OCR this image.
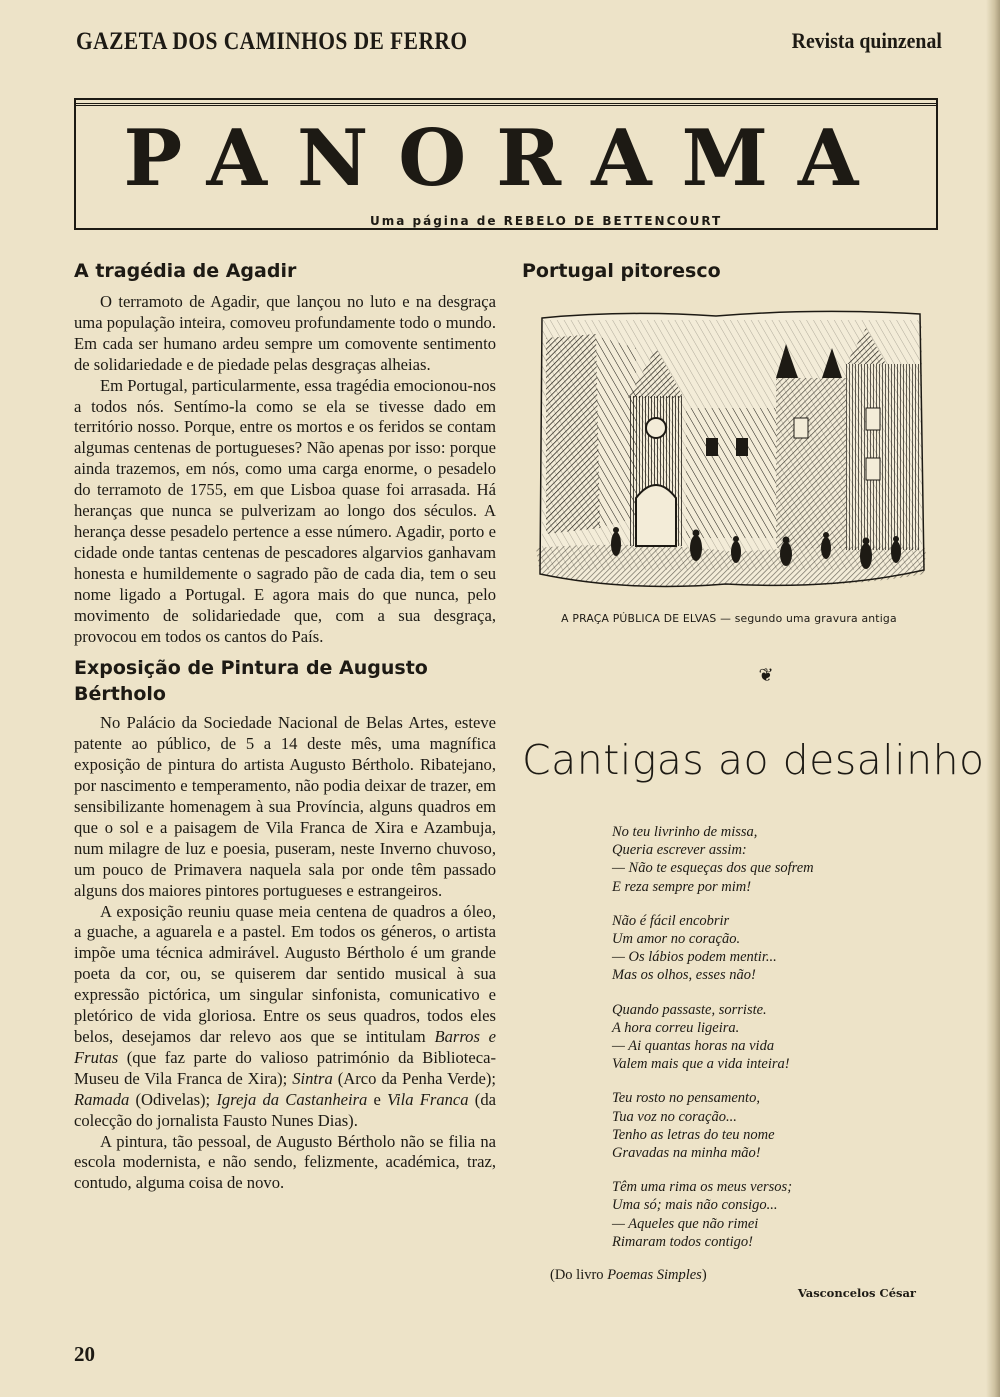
GAZETA DOS CAMINHOS DE FERRO	Revista quinzenal
PANORAMA
Uma página de REBELO DE BETTENCOURT
A tragédia de Agadir

O terramoto de Agadir, que lançou no luto e na desgraça uma população inteira, comoveu profundamente todo o mundo. Em cada ser humano ardeu sempre um comovente sentimento de solidariedade e de piedade pelas desgraças alheias.

Em Portugal, particularmente, essa tragédia emocionou-nos a todos nós. Sentímo-la como se ela se tivesse dado em território nosso. Porque, entre os mortos e os feridos se contam algumas centenas de portugueses? Não apenas por isso: porque ainda trazemos, em nós, como uma carga enorme, o pesadelo do terramoto de 1755, em que Lisboa quase foi arrasada. Há heranças que nunca se pulverizam ao longo dos séculos. A herança desse pesadelo pertence a esse número. Agadir, porto e cidade onde tantas centenas de pescadores algarvios ganhavam honesta e humildemente o sagrado pão de cada dia, tem o seu nome ligado a Portugal. E agora mais do que nunca, pelo movimento de solidariedade que, com a sua desgraça, provocou em todos os cantos do País.

Exposição de Pintura de Augusto Bértholo

No Palácio da Sociedade Nacional de Belas Artes, esteve patente ao público, de 5 a 14 deste mês, uma magnífica exposição de pintura do artista Augusto Bértholo. Ribatejano, por nascimento e temperamento, não podia deixar de trazer, em sensibilizante homenagem à sua Província, alguns quadros em que o sol e a paisagem de Vila Franca de Xira e Azambuja, num milagre de luz e poesia, puseram, neste Inverno chuvoso, um pouco de Primavera naquela sala por onde têm passado alguns dos maiores pintores portugueses e estrangeiros.

A exposição reuniu quase meia centena de quadros a óleo, a guache, a aguarela e a pastel. Em todos os géneros, o artista impõe uma técnica admirável. Augusto Bértholo é um grande poeta da cor, ou, se quiserem dar sentido musical à sua expressão pictórica, um singular sinfonista, comunicativo e pletórico de vida gloriosa. Entre os seus quadros, todos eles belos, desejamos dar relevo aos que se intitulam Barros e Frutas (que faz parte do valioso património da Biblioteca-Museu de Vila Franca de Xira); Sintra (Arco da Penha Verde); Ramada (Odivelas); Igreja da Castanheira e Vila Franca (da colecção do jornalista Fausto Nunes Dias).

A pintura, tão pessoal, de Augusto Bértholo não se filia na escola modernista, e não sendo, felizmente, académica, traz, contudo, alguma coisa de novo.

Portugal pitoresco
A PRAÇA PÚBLICA DE ELVAS — segundo uma gravura antiga
❦
Cantigas ao desalinho
No teu livrinho de missa,
Queria escrever assim:
— Não te esqueças dos que sofrem
E reza sempre por mim!
Não é fácil encobrir
Um amor no coração.
— Os lábios podem mentir...
Mas os olhos, esses não!
Quando passaste, sorriste.
A hora correu ligeira.
— Ai quantas horas na vida
Valem mais que a vida inteira!
Teu rosto no pensamento,
Tua voz no coração...
Tenho as letras do teu nome
Gravadas na minha mão!
Têm uma rima os meus versos;
Uma só; mais não consigo...
— Aqueles que não rimei
Rimaram todos contigo!
(Do livro Poemas Simples)
Vasconcelos César
20
